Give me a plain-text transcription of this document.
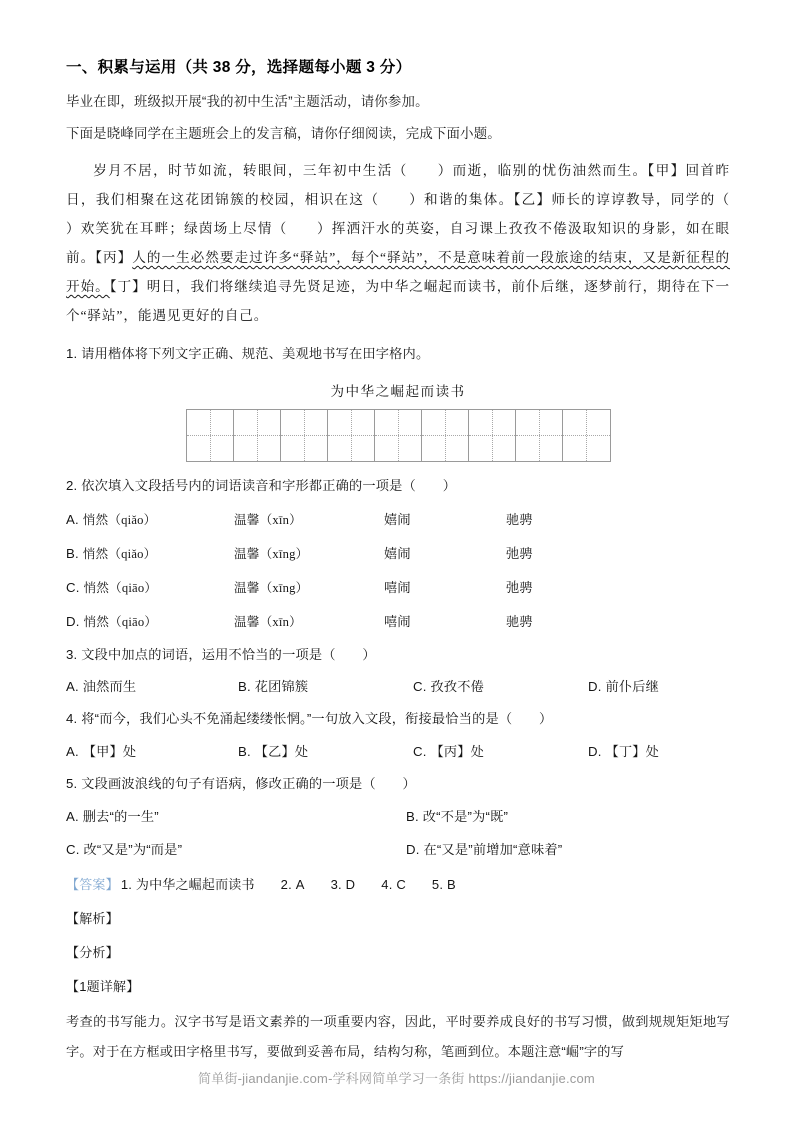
一、积累与运用（共 38 分，选择题每小题 3 分）

毕业在即，班级拟开展“我的初中生活”主题活动，请你参加。

下面是晓峰同学在主题班会上的发言稿，请你仔细阅读，完成下面小题。

岁月不居，时节如流，转眼间，三年初中生活（　　 ）而逝，临别的忧伤油然而生。【甲】回首昨日，我们相聚在这花团锦簇的校园，相识在这（　　 ）和谐的集体。【乙】师长的谆谆教导，同学的（　　）欢笑犹在耳畔；绿茵场上尽情（　　 ）挥洒汗水的英姿，自习课上孜孜不倦汲取知识的身影，如在眼前。【丙】人的一生必然要走过许多“驿站”，每个“驿站”，不是意味着前一段旅途的结束，又是新征程的开始。【丁】明日，我们将继续追寻先贤足迹，为中华之崛起而读书，前仆后继，逐梦前行，期待在下一个“驿站”，能遇见更好的自己。

1. 请用楷体将下列文字正确、规范、美观地书写在田字格内。

为中华之崛起而读书

2. 依次填入文段括号内的词语读音和字形都正确的一项是（　　）

A. 悄然（qiǎo）	温馨（xīn）	嬉闹	驰骋
B. 悄然（qiǎo）	温馨（xīng）	嬉闹	弛骋
C. 悄然（qiāo）	温馨（xīng）	嘻闹	弛骋
D. 悄然（qiāo）	温馨（xīn）	嘻闹	驰骋

3. 文段中加点的词语，运用不恰当的一项是（　　）

A. 油然而生	B. 花团锦簇	C. 孜孜不倦	D. 前仆后继

4. 将“而今，我们心头不免涌起缕缕怅惘。”一句放入文段，衔接最恰当的是（　　）

A. 【甲】处	B. 【乙】处	C. 【丙】处	D. 【丁】处

5. 文段画波浪线的句子有语病，修改正确的一项是（　　）

A. 删去“的一生”	B. 改“不是”为“既”
C. 改“又是”为“而是”	D. 在“又是”前增加“意味着”

【答案】 1. 为中华之崛起而读书 2. A 3. D 4. C 5. B

【解析】

【分析】

【1题详解】

考查的书写能力。汉字书写是语文素养的一项重要内容，因此，平时要养成良好的书写习惯，做到规规矩矩地写字。对于在方框或田字格里书写，要做到妥善布局，结构匀称，笔画到位。本题注意“崛”字的写

简单街-jiandanjie.com-学科网简单学习一条街 https://jiandanjie.com
